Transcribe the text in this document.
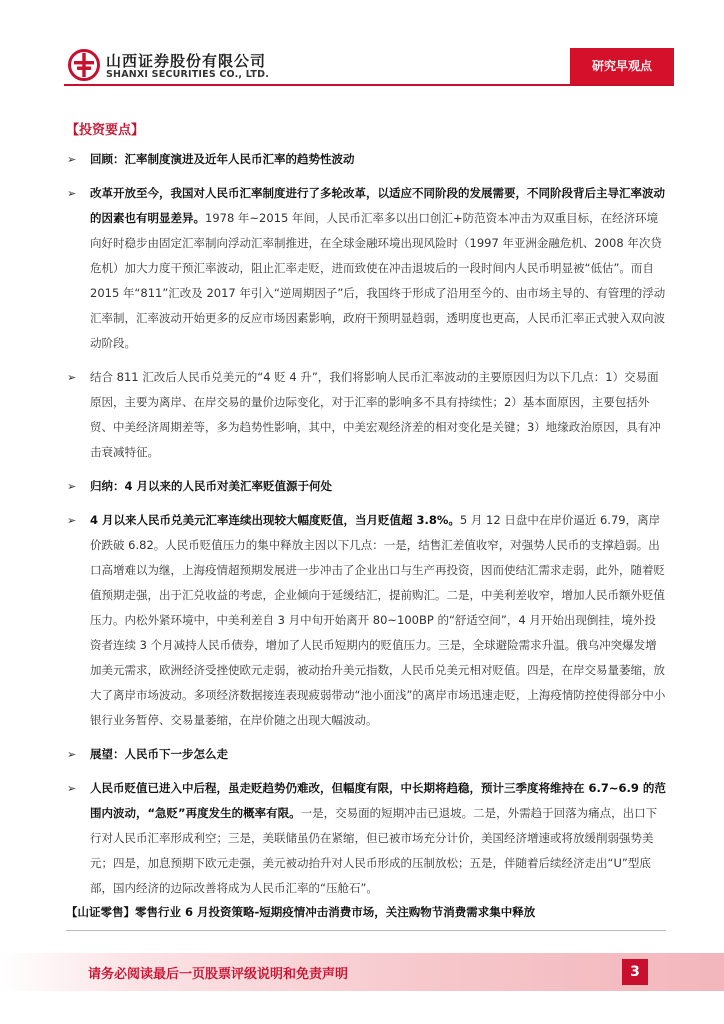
山西证券股份有限公司
SHANXI SECURITIES CO., LTD.
研究早观点
【投资要点】
➢ 回顾：汇率制度演进及近年人民币汇率的趋势性波动
➢ 改革开放至今，我国对人民币汇率制度进行了多轮改革，以适应不同阶段的发展需要，不同阶段背后主导汇率波动的因素也有明显差异。1978 年~2015 年间，人民币汇率多以出口创汇+防范资本冲击为双重目标，在经济环境向好时稳步由固定汇率制向浮动汇率制推进，在全球金融环境出现风险时（1997 年亚洲金融危机、2008 年次贷危机）加大力度干预汇率波动，阻止汇率走贬，进而致使在冲击退坡后的一段时间内人民币明显被“低估”。而自 2015 年“811”汇改及 2017 年引入“逆周期因子”后，我国终于形成了沿用至今的、由市场主导的、有管理的浮动汇率制，汇率波动开始更多的反应市场因素影响，政府干预明显趋弱，透明度也更高，人民币汇率正式驶入双向波动阶段。
➢ 结合 811 汇改后人民币兑美元的“4 贬 4 升”，我们将影响人民币汇率波动的主要原因归为以下几点：1）交易面原因，主要为离岸、在岸交易的量价边际变化，对于汇率的影响多不具有持续性；2）基本面原因，主要包括外贸、中美经济周期差等，多为趋势性影响，其中，中美宏观经济差的相对变化是关键；3）地缘政治原因，具有冲击衰减特征。
➢ 归纳：4 月以来的人民币对美汇率贬值源于何处
➢ 4 月以来人民币兑美元汇率连续出现较大幅度贬值，当月贬值超 3.8%。5 月 12 日盘中在岸价逼近 6.79，离岸价跌破 6.82。人民币贬值压力的集中释放主因以下几点：一是，结售汇差值收窄，对强势人民币的支撑趋弱。出口高增难以为继，上海疫情超预期发展进一步冲击了企业出口与生产再投资，因而使结汇需求走弱，此外，随着贬值预期走强，出于汇兑收益的考虑，企业倾向于延缓结汇，提前购汇。二是，中美利差收窄，增加人民币额外贬值压力。内松外紧环境中，中美利差自 3 月中旬开始离开 80~100BP 的“舒适空间”，4 月开始出现倒挂，境外投资者连续 3 个月减持人民币债券，增加了人民币短期内的贬值压力。三是，全球避险需求升温。俄乌冲突爆发增加美元需求，欧洲经济受挫使欧元走弱，被动抬升美元指数，人民币兑美元相对贬值。四是，在岸交易量萎缩，放大了离岸市场波动。多项经济数据接连表现疲弱带动“池小面浅”的离岸市场迅速走贬，上海疫情防控使得部分中小银行业务暂停、交易量萎缩，在岸价随之出现大幅波动。
➢ 展望：人民币下一步怎么走
➢ 人民币贬值已进入中后程，虽走贬趋势仍难改，但幅度有限，中长期将趋稳，预计三季度将维持在 6.7~6.9 的范围内波动，“急贬”再度发生的概率有限。一是，交易面的短期冲击已退坡。二是，外需趋于回落为痛点，出口下行对人民币汇率形成利空；三是，美联储虽仍在紧缩，但已被市场充分计价，美国经济增速或将放缓削弱强势美元；四是，加息预期下欧元走强，美元被动抬升对人民币形成的压制放松；五是，伴随着后续经济走出“U”型底部，国内经济的边际改善将成为人民币汇率的“压舱石”。
【山证零售】零售行业 6 月投资策略-短期疫情冲击消费市场，关注购物节消费需求集中释放
请务必阅读最后一页股票评级说明和免责声明	3
